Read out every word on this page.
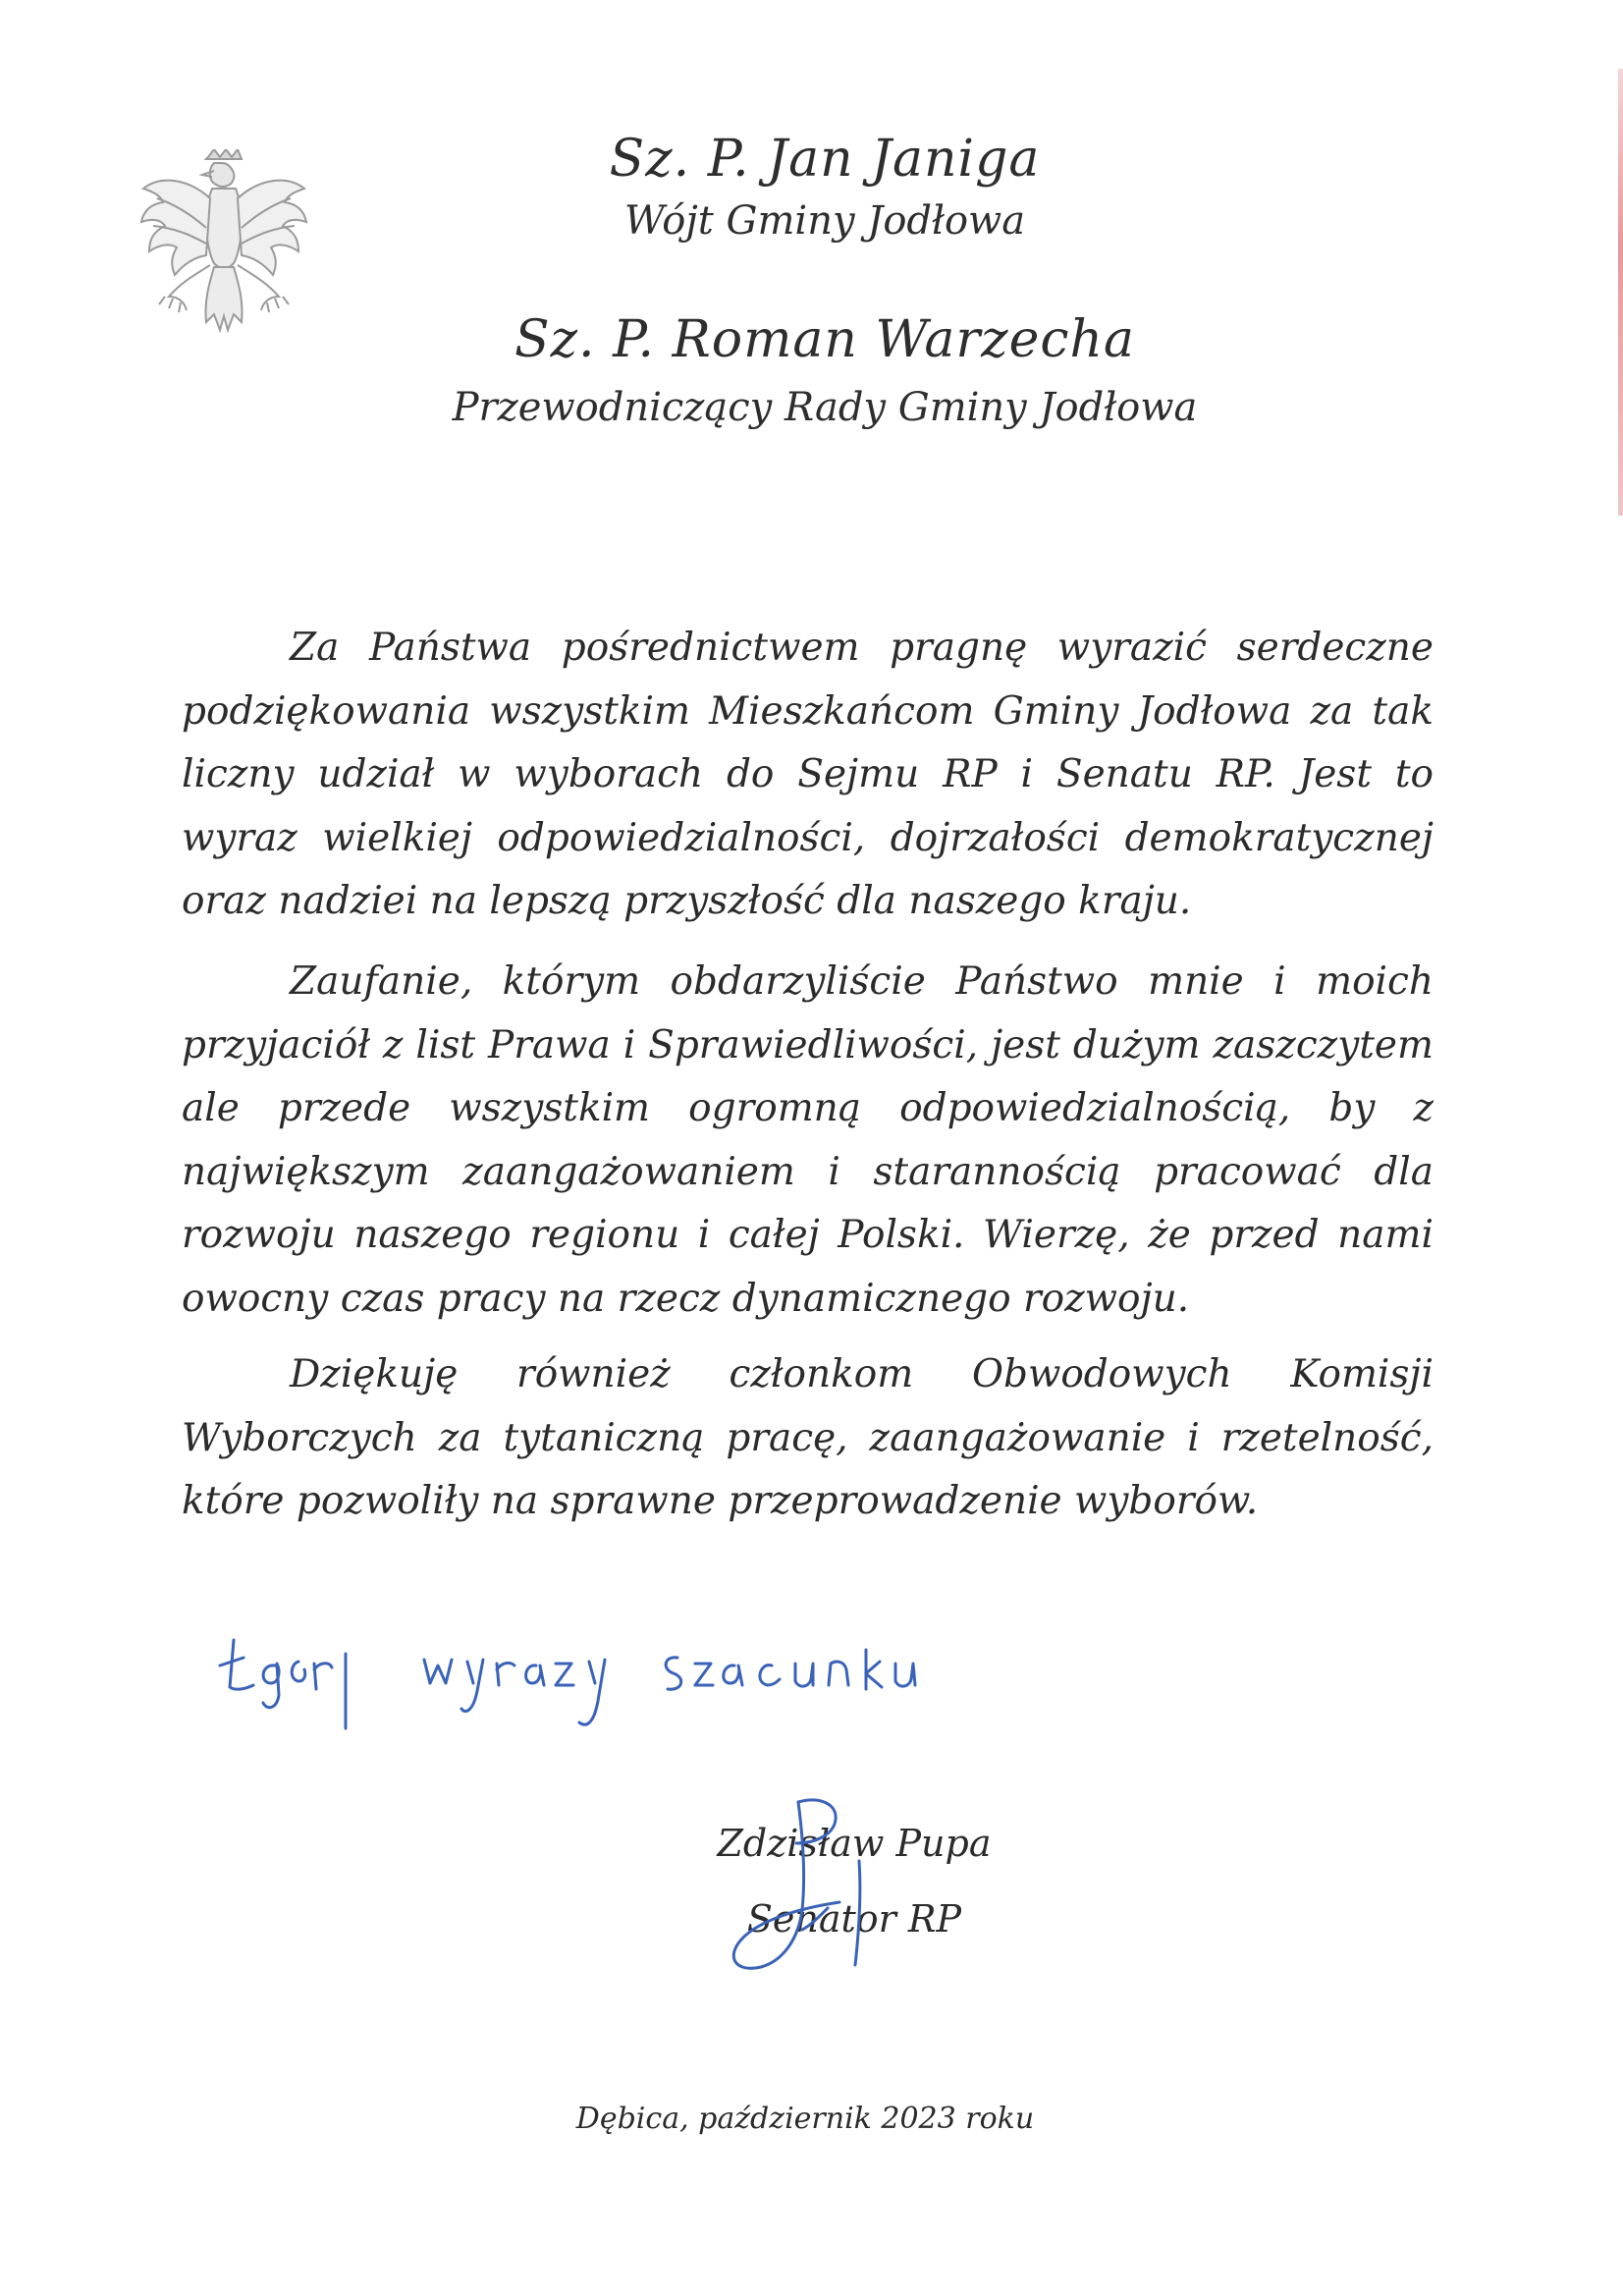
Sz. P. Jan Janiga
Wójt Gminy Jodłowa
Sz. P. Roman Warzecha
Przewodniczący Rady Gminy Jodłowa

Za Państwa pośrednictwem pragnę wyrazić serdeczne podziękowania wszystkim Mieszkańcom Gminy Jodłowa za tak liczny udział w wyborach do Sejmu RP i Senatu RP. Jest to wyraz wielkiej odpowiedzialności, dojrzałości demokratycznej oraz nadziei na lepszą przyszłość dla naszego kraju.

Zaufanie, którym obdarzyliście Państwo mnie i moich przyjaciół z list Prawa i Sprawiedliwości, jest dużym zaszczytem ale przede wszystkim ogromną odpowiedzialnością, by z największym zaangażowaniem i starannością pracować dla rozwoju naszego regionu i całej Polski. Wierzę, że przed nami owocny czas pracy na rzecz dynamicznego rozwoju.

Dziękuję również członkom Obwodowych Komisji Wyborczych za tytaniczną pracę, zaangażowanie i rzetelność, które pozwoliły na sprawne przeprowadzenie wyborów.

Zdzisław Pupa
Senator RP
Dębica, październik 2023 roku
